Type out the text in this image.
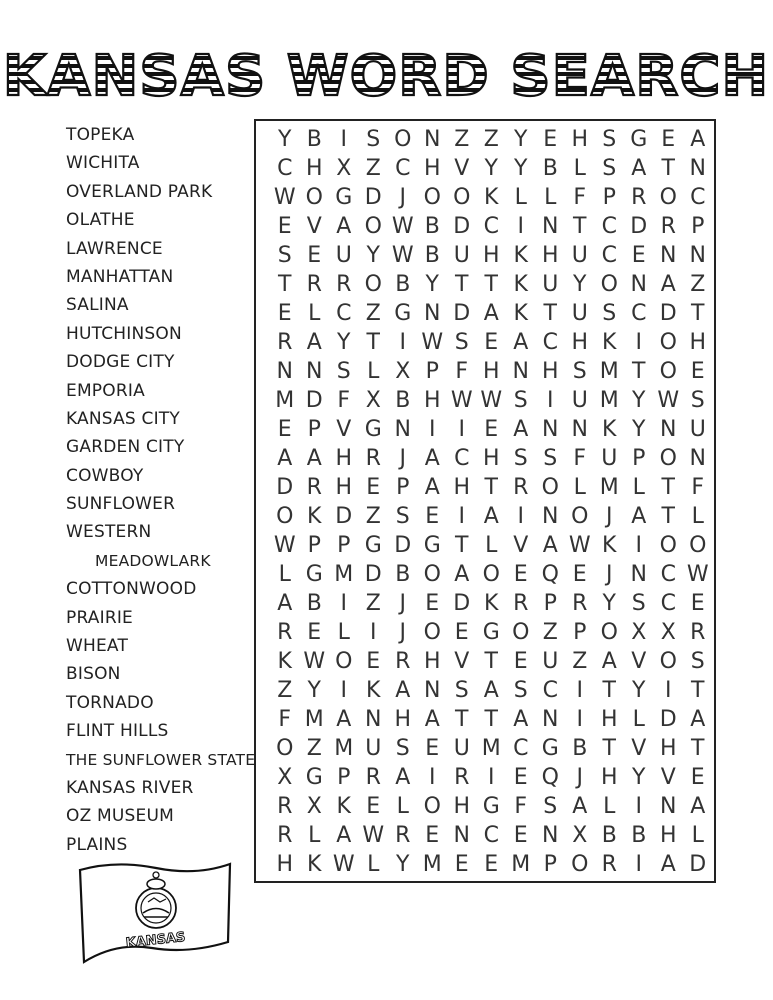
KANSAS WORD SEARCH
TOPEKA
WICHITA
OVERLAND PARK
OLATHE
LAWRENCE
MANHATTAN
SALINA
HUTCHINSON
DODGE CITY
EMPORIA
KANSAS CITY
GARDEN CITY
COWBOY
SUNFLOWER
WESTERN
MEADOWLARK
COTTONWOOD
PRAIRIE
WHEAT
BISON
TORNADO
FLINT HILLS
THE SUNFLOWER STATE
KANSAS RIVER
OZ MUSEUM
PLAINS
Y B I S O N Z Z Y E H S G E A
C H X Z C H V Y Y B L S A T N
W O G D J O O K L L F P R O C
E V A O W B D C I N T C D R P
S E U Y W B U H K H U C E N N
T R R O B Y T T K U Y O N A Z
E L C Z G N D A K T U S C D T
R A Y T I W S E A C H K I O H
N N S L X P F H N H S M T O E
M D F X B H W W S I U M Y W S
E P V G N I	I E A N N K Y N U
A A H R J A C H S S F U P O N
D R H E P A H T R O L M L T F
O K D Z S E I A I N O J A T L
W P P G D G T L V A W K I O O
L G M D B O A O E Q E J N C W
A B I Z J E D K R P R Y S C E
R E L I	J O E G O Z P O X X R
K W O E R H V T E U Z A V O S
Z Y I K A N S A S C I T Y I T
F M A N H A T T A N I H L D A
O Z M U S E U M C G B T V H T
X G P R A I R I E Q J H Y V E
R X K E L O H G F S A L I N A
R L A W R E N C E N X B B H L
H K W L Y M E E M P O R I A D
KANSAS
